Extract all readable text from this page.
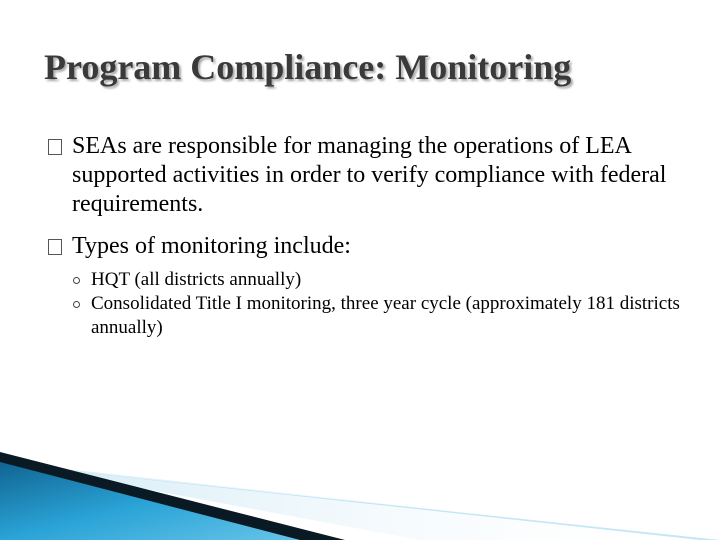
Program Compliance: Monitoring
SEAs are responsible for managing the operations of LEA supported activities in order to verify compliance with federal requirements.
Types of monitoring include:
HQT (all districts annually)
Consolidated Title I monitoring, three year cycle (approximately 181 districts annually)
